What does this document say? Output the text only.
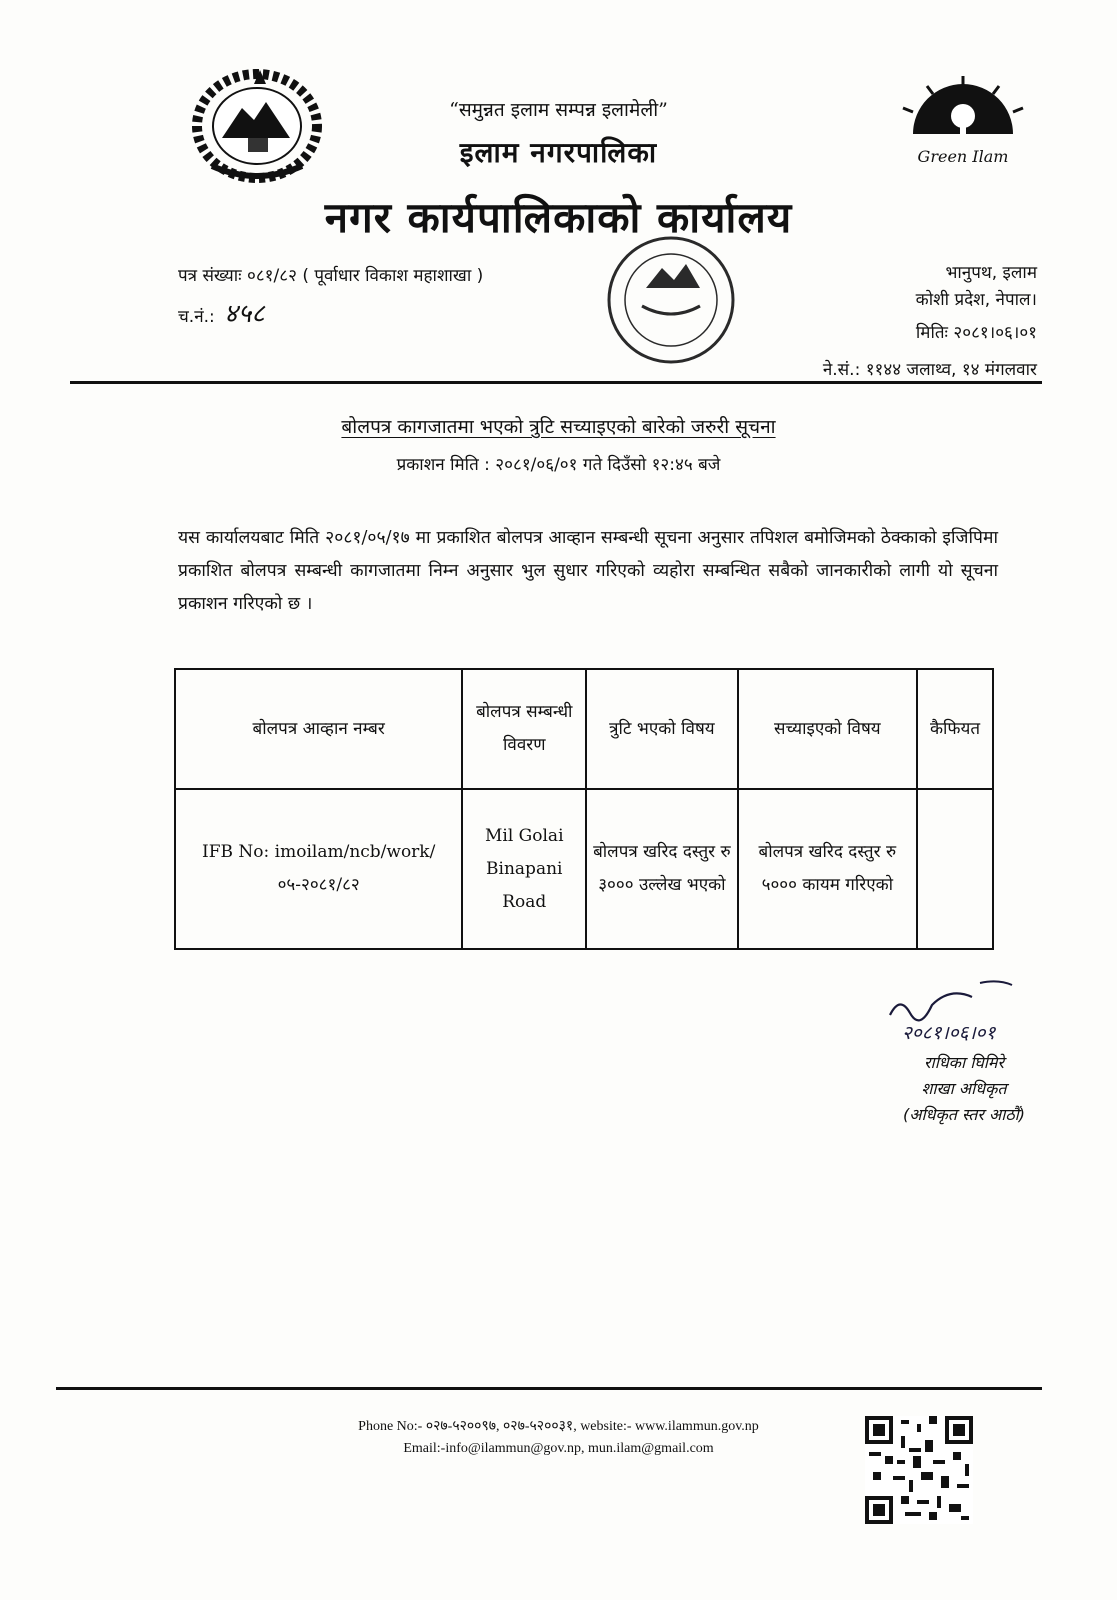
Green Ilam
“समुन्नत इलाम सम्पन्न इलामेली”
इलाम नगरपालिका
नगर कार्यपालिकाको कार्यालय
पत्र संख्याः ०८१/८२ ( पूर्वाधार विकाश महाशाखा )
च.नं.: ४५८
भानुपथ, इलाम
कोशी प्रदेश, नेपाल।
मितिः २०८१।०६।०१
ने.सं.: ११४४ जलाथ्व, १४ मंगलवार
बोलपत्र कागजातमा भएको त्रुटि सच्याइएको बारेको जरुरी सूचना
प्रकाशन मिति : २०८१/०६/०१ गते दिउँसो १२:४५ बजे
यस कार्यालयबाट मिति २०८१/०५/१७ मा प्रकाशित बोलपत्र आव्हान सम्बन्धी सूचना अनुसार तपिशल बमोजिमको ठेक्काको इजिपिमा प्रकाशित बोलपत्र सम्बन्धी कागजातमा निम्न अनुसार भुल सुधार गरिएको व्यहोरा सम्बन्धित सबैको जानकारीको लागी यो सूचना प्रकाशन गरिएको छ ।
बोलपत्र आव्हान नम्बर	बोलपत्र सम्बन्धी विवरण	त्रुटि भएको विषय	सच्याइएको विषय	कैफियत
IFB No: imoilam/ncb/work/०५-२०८१/८२	Mil Golai Binapani Road	बोलपत्र खरिद दस्तुर रु ३००० उल्लेख भएको	बोलपत्र खरिद दस्तुर रु ५००० कायम गरिएको	
२०८१।०६।०१
राधिका घिमिरे
शाखा अधिकृत
(अधिकृत स्तर आठौं)
Phone No:- ०२७-५२००९७, ०२७-५२००३१, website:- www.ilammun.gov.np
Email:-info@ilammun@gov.np, mun.ilam@gmail.com
